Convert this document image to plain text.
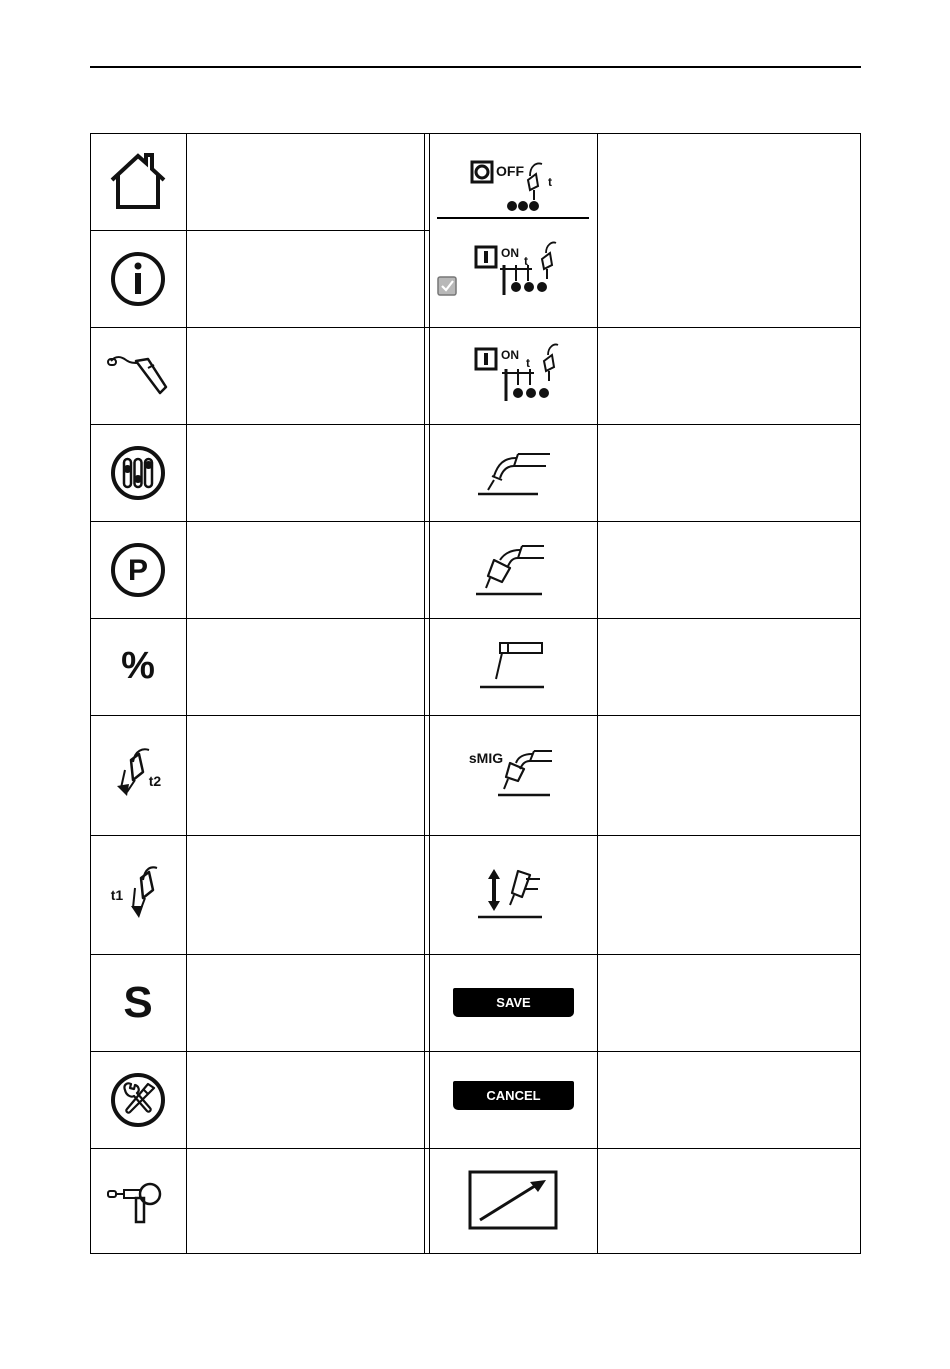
P
%
t2
t1
S
OFF
t
ON
t
ON
t
sMIG
SAVE
CANCEL
